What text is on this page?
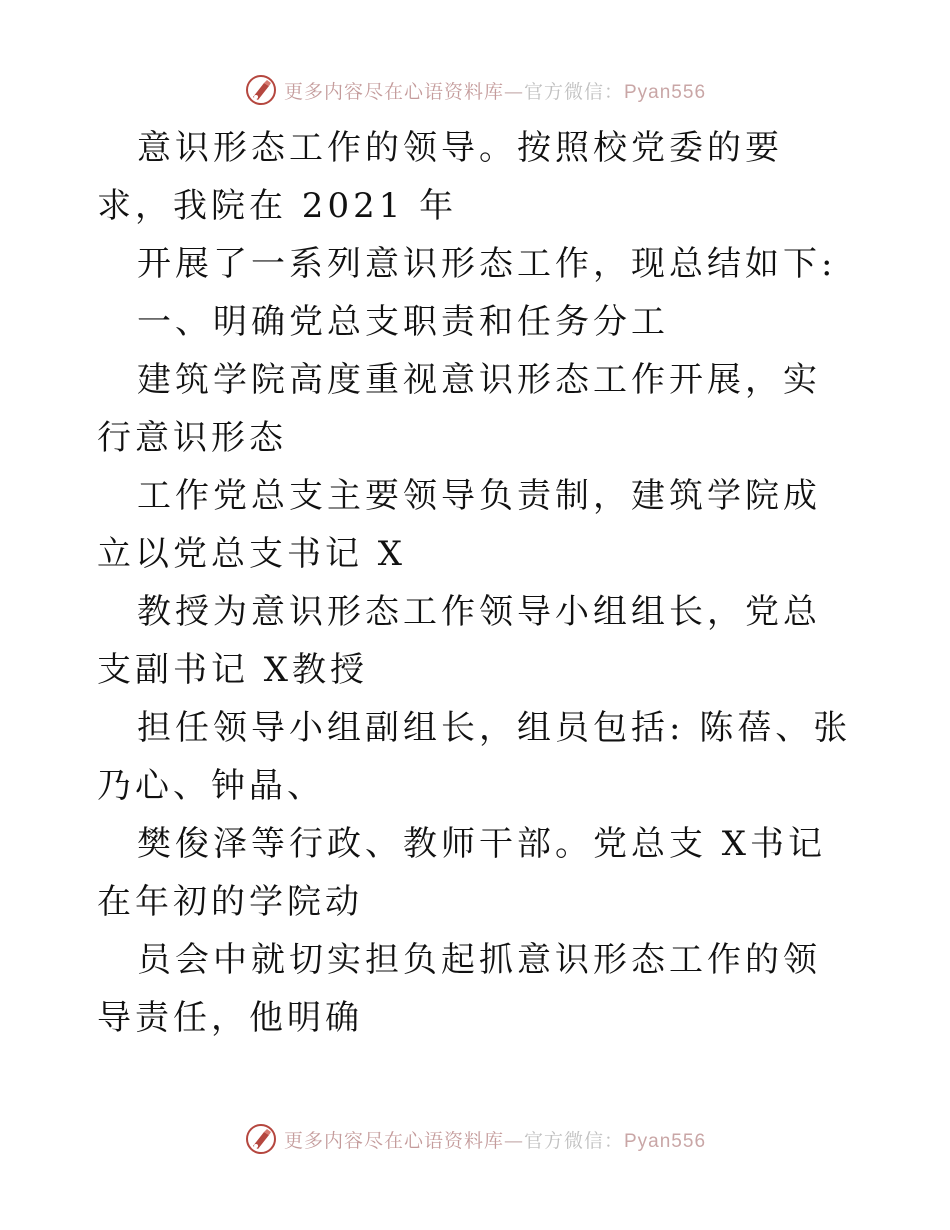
更多内容尽在心语资料库—官方微信：Pyan556

意识形态工作的领导。按照校党委的要求，我院在 2021 年

开展了一系列意识形态工作，现总结如下:

一、明确党总支职责和任务分工

建筑学院高度重视意识形态工作开展，实行意识形态

工作党总支主要领导负责制，建筑学院成立以党总支书记 X

教授为意识形态工作领导小组组长，党总支副书记 X教授

担任领导小组副组长，组员包括: 陈蓓、张乃心、钟晶、

樊俊泽等行政、教师干部。党总支 X书记在年初的学院动

员会中就切实担负起抓意识形态工作的领导责任，他明确

更多内容尽在心语资料库—官方微信：Pyan556
